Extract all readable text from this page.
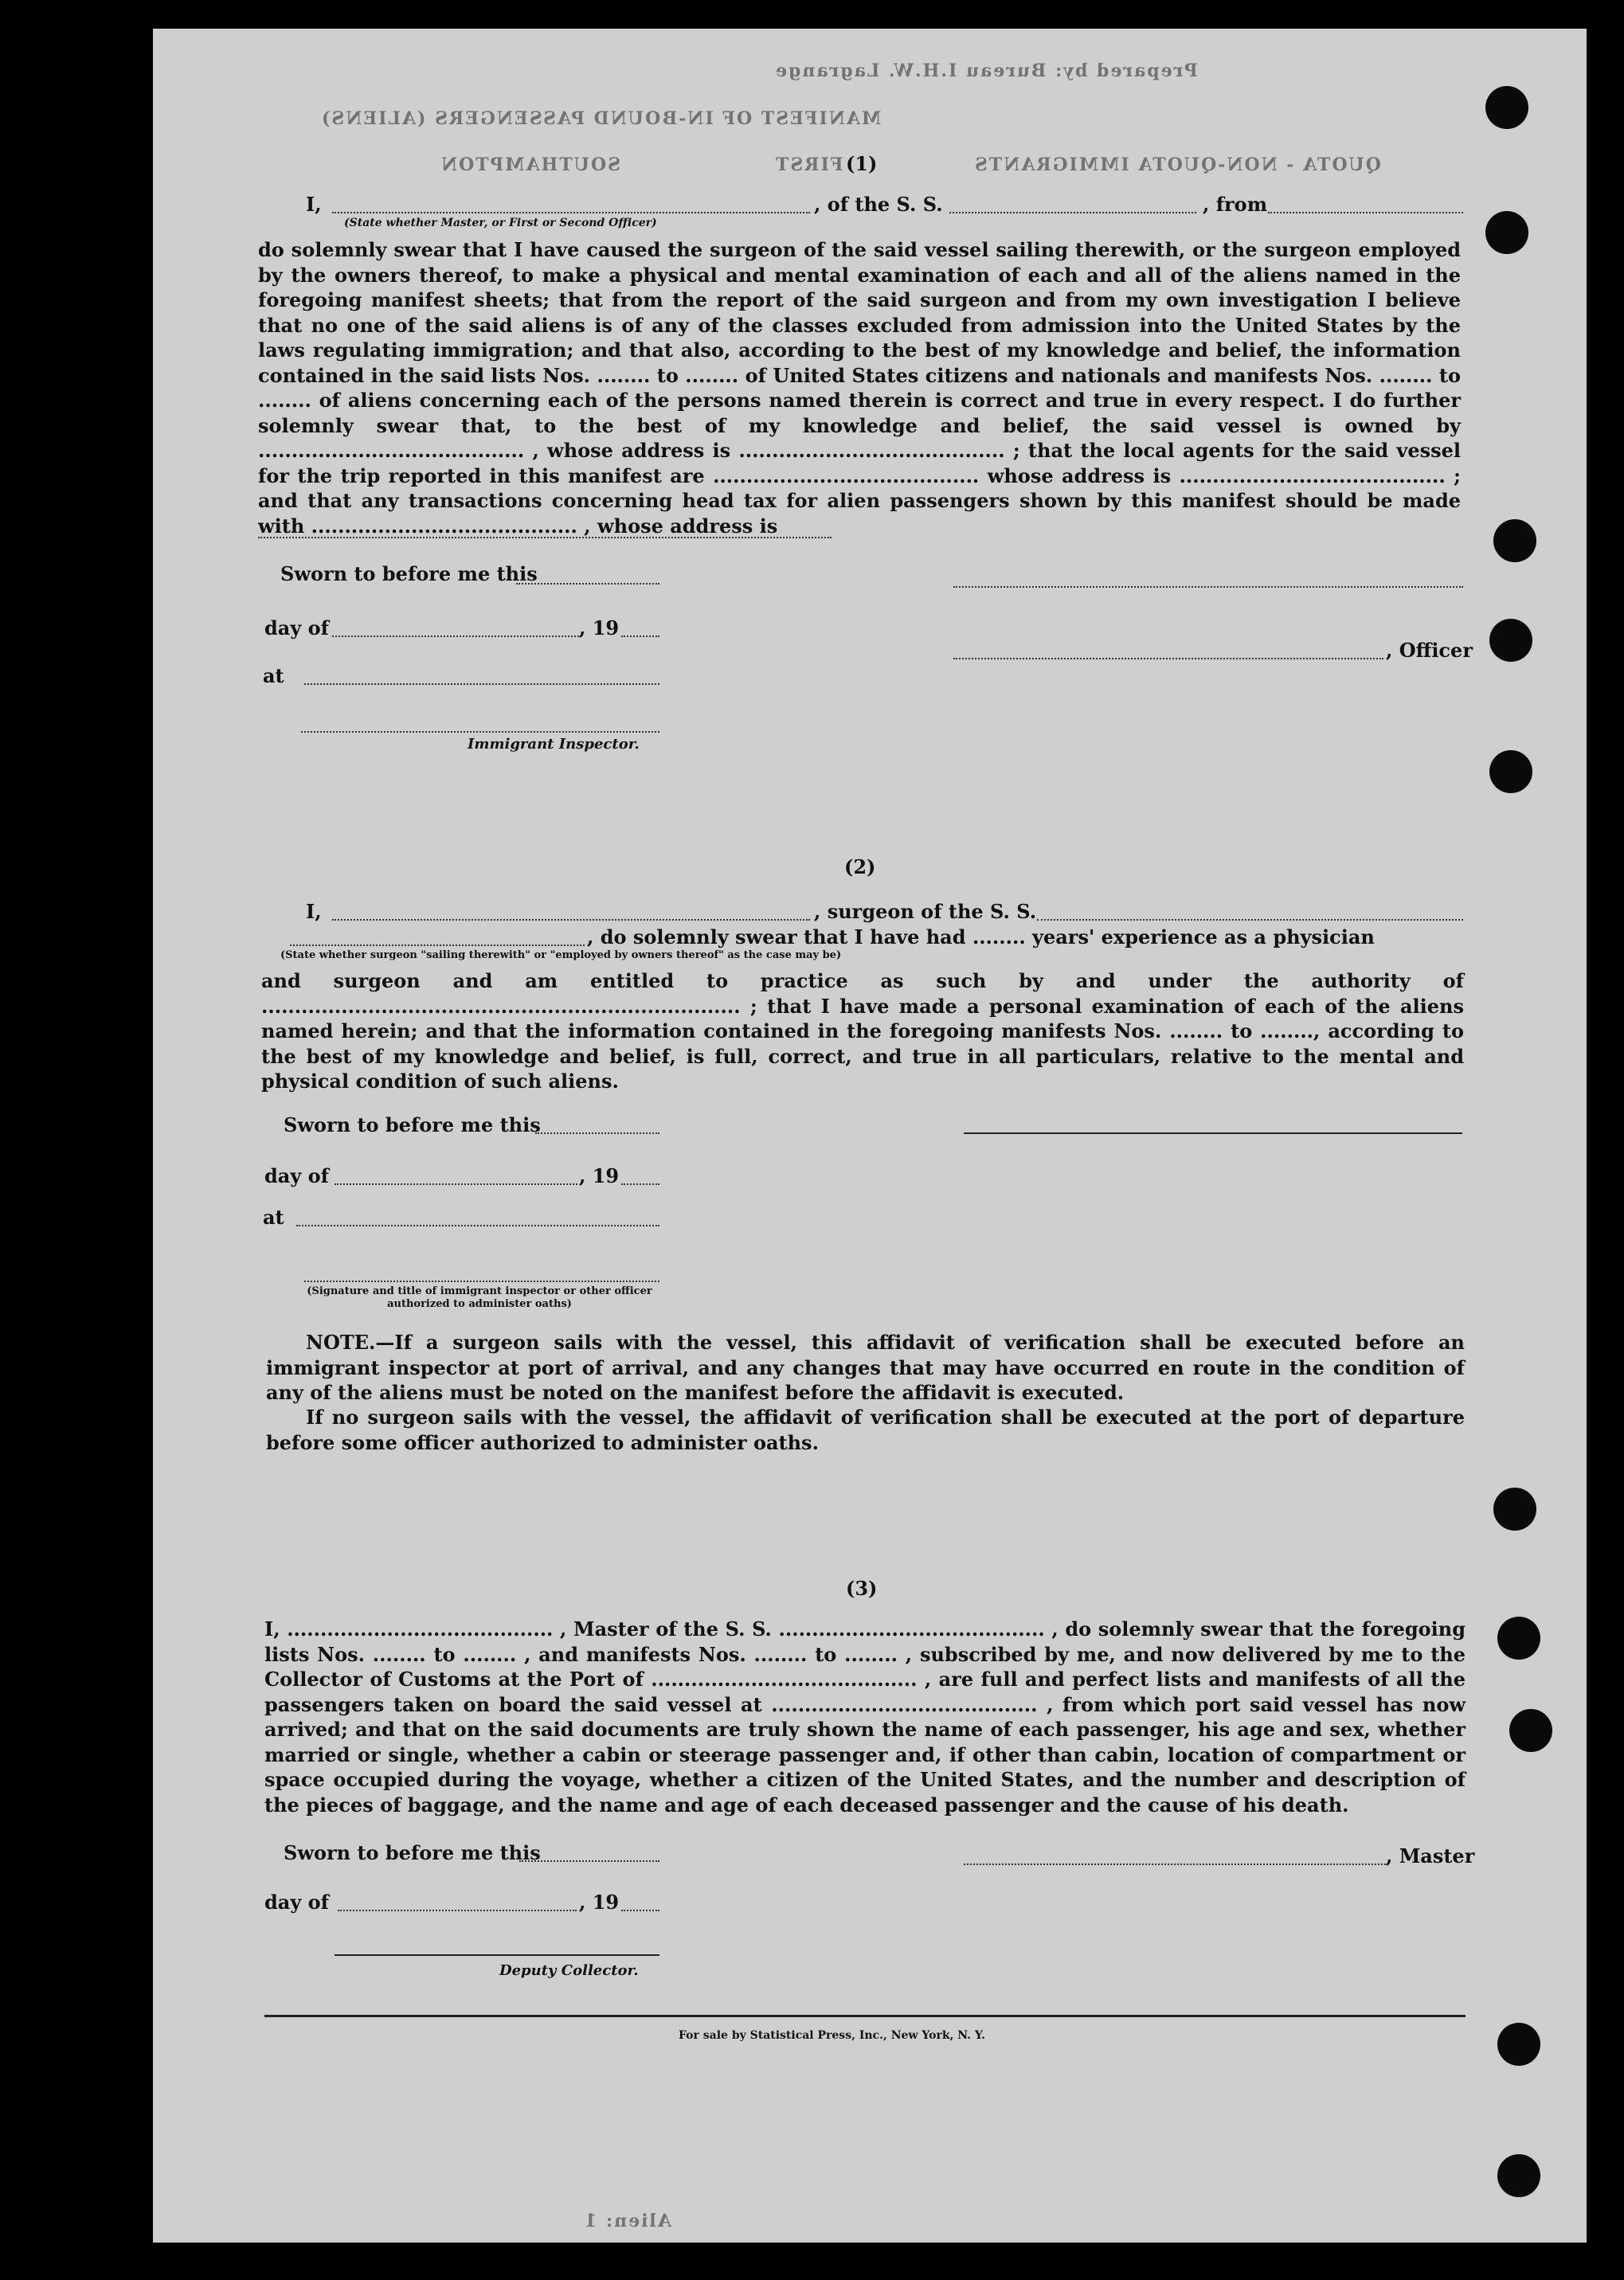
MANIFEST OF IN-BOUND PASSENGERS (ALIENS)
SOUTHAMPTON	FIRST	QUOTA - NON-QUOTA IMMIGRANTS
Prepared by: Bureau I.H.W. Lagrange
(1)
I,	, of the S. S.	, from
(State whether Master, or First or Second Officer)
do solemnly swear that I have caused the surgeon of the said vessel sailing therewith, or the surgeon employed by the owners thereof, to make a physical and mental examination of each and all of the aliens named in the foregoing manifest sheets; that from the report of the said surgeon and from my own investigation I believe that no one of the said aliens is of any of the classes excluded from admission into the United States by the laws regulating immigration; and that also, according to the best of my knowledge and belief, the information contained in the said lists Nos. ........ to ........ of United States citizens and nationals and manifests Nos. ........ to ........ of aliens concerning each of the persons named therein is correct and true in every respect. I do further solemnly swear that, to the best of my knowledge and belief, the said vessel is owned by ........................................ , whose address is ........................................ ; that the local agents for the said vessel for the trip reported in this manifest are ........................................ whose address is ........................................ ; and that any transactions concerning head tax for alien passengers shown by this manifest should be made with ........................................ , whose address is
Sworn to before me this
day of	, 19
, Officer
at
Immigrant Inspector.
(2)
I,	, surgeon of the S. S.
, do solemnly swear that I have had ........ years' experience as a physician
(State whether surgeon "sailing therewith" or "employed by owners thereof" as the case may be)
and surgeon and am entitled to practice as such by and under the authority of ........................................................................ ; that I have made a personal examination of each of the aliens named herein; and that the information contained in the foregoing manifests Nos. ........ to ........, according to the best of my knowledge and belief, is full, correct, and true in all particulars, relative to the mental and physical condition of such aliens.
Sworn to before me this
day of	, 19
at
(Signature and title of immigrant inspector or other officer authorized to administer oaths)
NOTE.—If a surgeon sails with the vessel, this affidavit of verification shall be executed before an immigrant inspector at port of arrival, and any changes that may have occurred en route in the condition of any of the aliens must be noted on the manifest before the affidavit is executed.
If no surgeon sails with the vessel, the affidavit of verification shall be executed at the port of departure before some officer authorized to administer oaths.
(3)
I, ........................................ , Master of the S. S. ........................................ , do solemnly swear that the foregoing lists Nos. ........ to ........ , and manifests Nos. ........ to ........ , subscribed by me, and now delivered by me to the Collector of Customs at the Port of ........................................ , are full and perfect lists and manifests of all the passengers taken on board the said vessel at ........................................ , from which port said vessel has now arrived; and that on the said documents are truly shown the name of each passenger, his age and sex, whether married or single, whether a cabin or steerage passenger and, if other than cabin, location of compartment or space occupied during the voyage, whether a citizen of the United States, and the number and description of the pieces of baggage, and the name and age of each deceased passenger and the cause of his death.
Sworn to before me this	, Master
day of	, 19
Deputy Collector.
For sale by Statistical Press, Inc., New York, N. Y.
Alien: 1
